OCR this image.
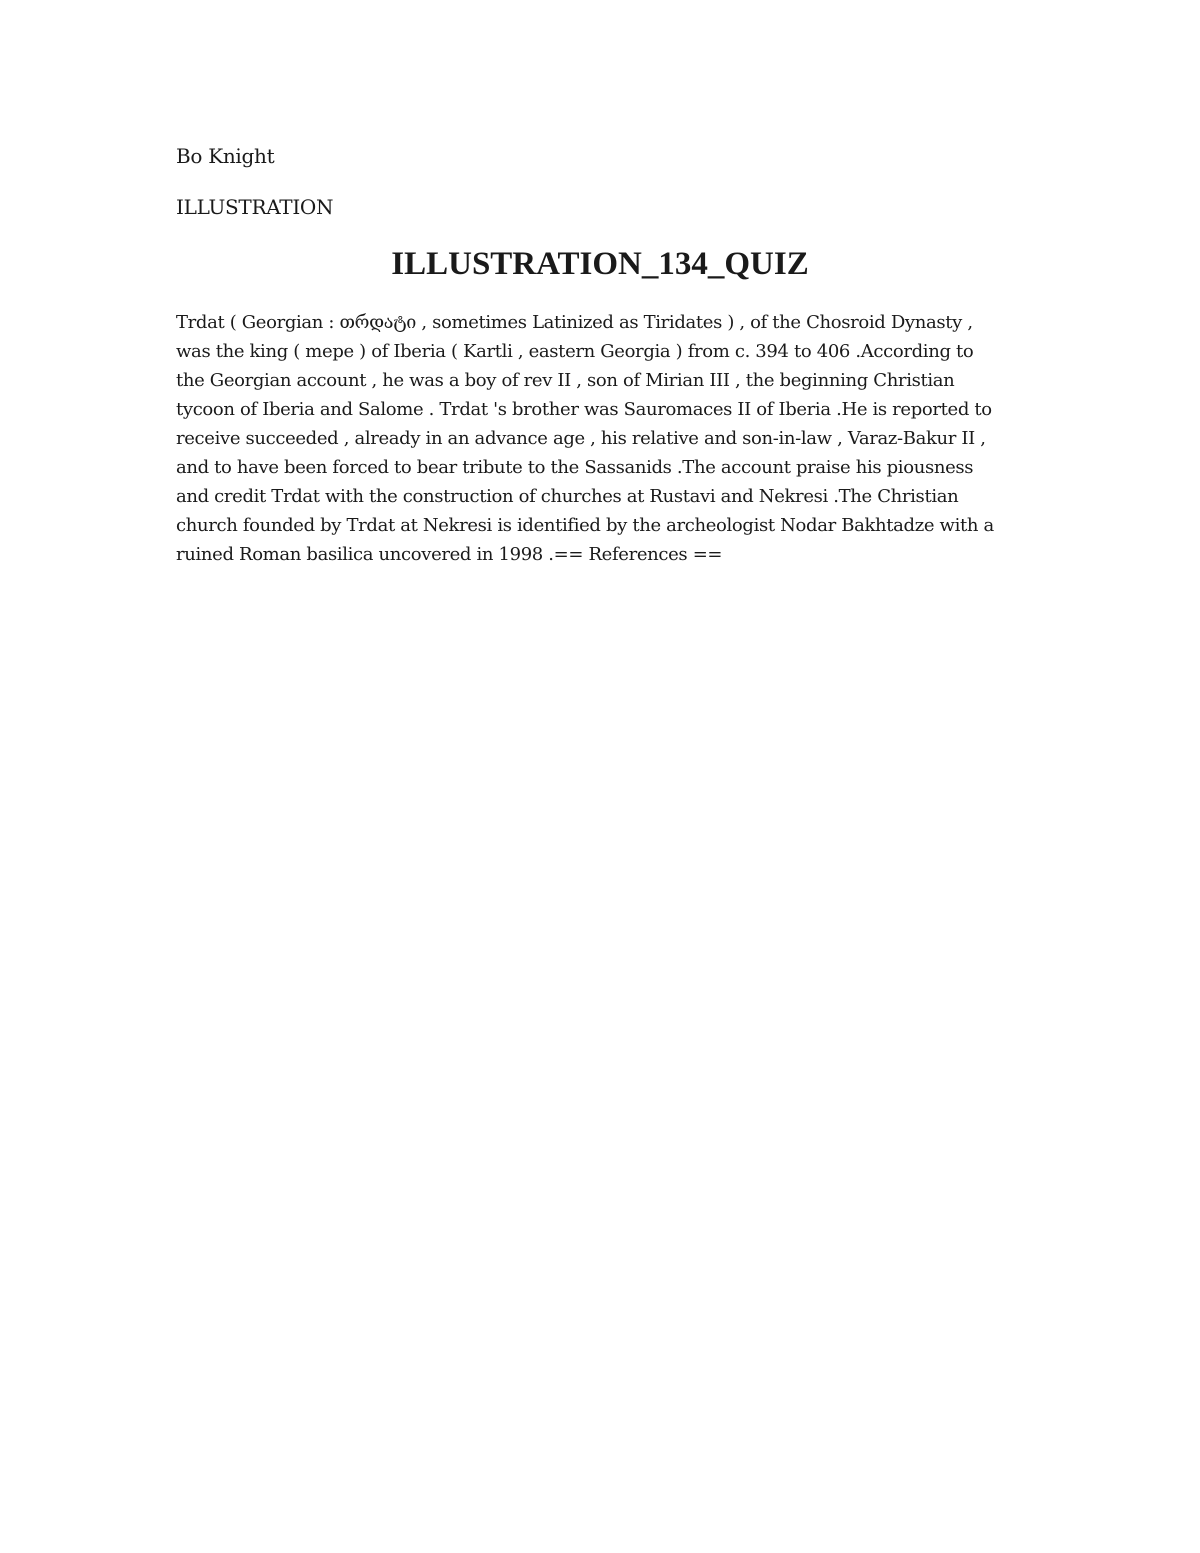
Bo Knight
ILLUSTRATION
ILLUSTRATION_134_QUIZ
Trdat ( Georgian : თრდატი , sometimes Latinized as Tiridates ) , of the Chosroid Dynasty ,
was the king ( mepe ) of Iberia ( Kartli , eastern Georgia ) from c. 394 to 406 .According to
the Georgian account , he was a boy of rev II , son of Mirian III , the beginning Christian
tycoon of Iberia and Salome . Trdat 's brother was Sauromaces II of Iberia .He is reported to
receive succeeded , already in an advance age , his relative and son-in-law , Varaz-Bakur II ,
and to have been forced to bear tribute to the Sassanids .The account praise his piousness
and credit Trdat with the construction of churches at Rustavi and Nekresi .The Christian
church founded by Trdat at Nekresi is identified by the archeologist Nodar Bakhtadze with a
ruined Roman basilica uncovered in 1998 .== References ==
